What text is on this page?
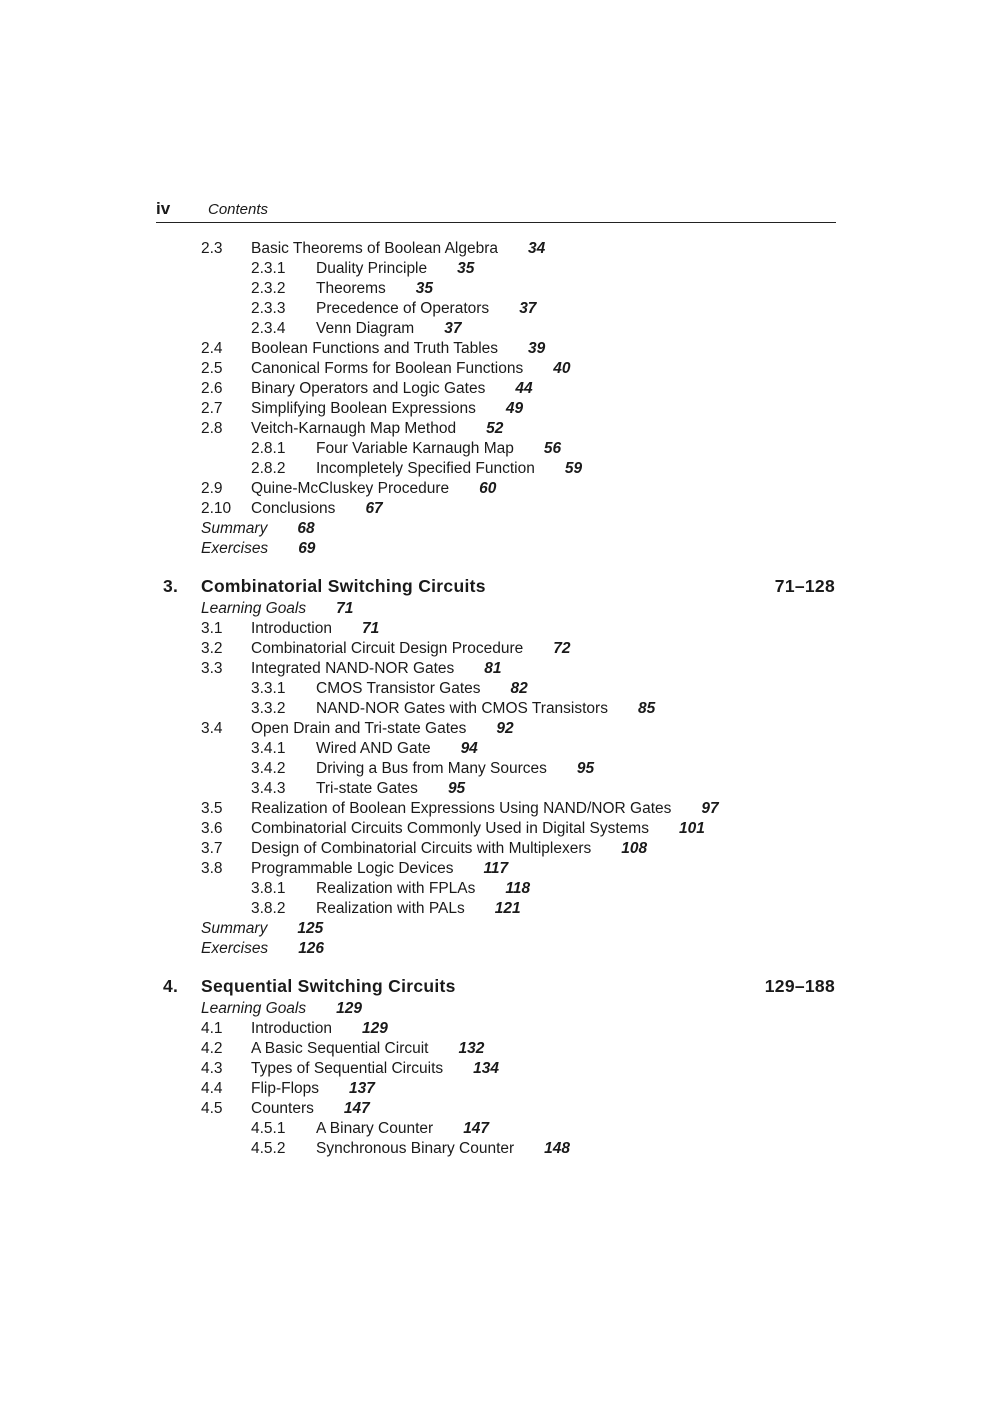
iv	Contents
2.3 Basic Theorems of Boolean Algebra 34
2.3.1 Duality Principle 35
2.3.2 Theorems 35
2.3.3 Precedence of Operators 37
2.3.4 Venn Diagram 37
2.4 Boolean Functions and Truth Tables 39
2.5 Canonical Forms for Boolean Functions 40
2.6 Binary Operators and Logic Gates 44
2.7 Simplifying Boolean Expressions 49
2.8 Veitch-Karnaugh Map Method 52
2.8.1 Four Variable Karnaugh Map 56
2.8.2 Incompletely Specified Function 59
2.9 Quine-McCluskey Procedure 60
2.10 Conclusions 67
Summary 68
Exercises 69
3. Combinatorial Switching Circuits	71–128
Learning Goals 71
3.1 Introduction 71
3.2 Combinatorial Circuit Design Procedure 72
3.3 Integrated NAND-NOR Gates 81
3.3.1 CMOS Transistor Gates 82
3.3.2 NAND-NOR Gates with CMOS Transistors 85
3.4 Open Drain and Tri-state Gates 92
3.4.1 Wired AND Gate 94
3.4.2 Driving a Bus from Many Sources 95
3.4.3 Tri-state Gates 95
3.5 Realization of Boolean Expressions Using NAND/NOR Gates 97
3.6 Combinatorial Circuits Commonly Used in Digital Systems 101
3.7 Design of Combinatorial Circuits with Multiplexers 108
3.8 Programmable Logic Devices 117
3.8.1 Realization with FPLAs 118
3.8.2 Realization with PALs 121
Summary 125
Exercises 126
4. Sequential Switching Circuits	129–188
Learning Goals 129
4.1 Introduction 129
4.2 A Basic Sequential Circuit 132
4.3 Types of Sequential Circuits 134
4.4 Flip-Flops 137
4.5 Counters 147
4.5.1 A Binary Counter 147
4.5.2 Synchronous Binary Counter 148
